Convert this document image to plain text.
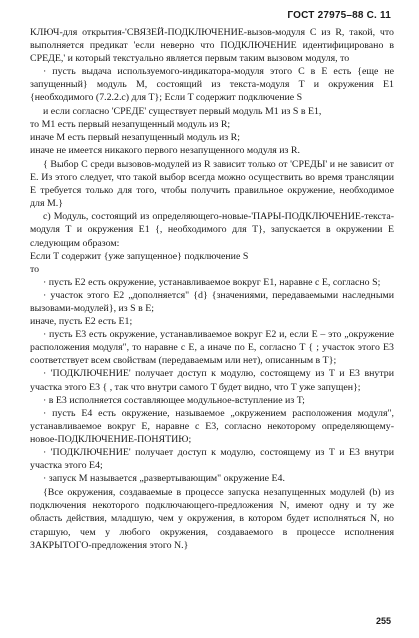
ГОСТ 27975–88 С. 11

КЛЮЧ-для открытия-'СВЯЗЕЙ-ПОДКЛЮЧЕНИЕ-вызов-модуля C из R, такой, что выполняется предикат 'если неверно что ПОДКЛЮЧЕНИЕ идентифицировано в СРЕДЕ,' и который текстуально является первым таким вызовом модуля, то

· пусть выдача используемого-индикатора-модуля этого C в E есть {еще не запущенный} модуль M, состоящий из текста-модуля T и окружения E1 {необходимого (7.2.2.c) для T}; Если T содержит подключение S

и если согласно 'СРЕДЕ' существует первый модуль M1 из S в E1,

то M1 есть первый незапущенный модуль из R;

иначе M есть первый незапущенный модуль из R;

иначе не имеется никакого первого незапущенного модуля из R.

{ Выбор C среди вызовов-модулей из R зависит только от 'СРЕДЫ' и не зависит от E. Из этого следует, что такой выбор всегда можно осуществить во время трансляции E требуется только для того, чтобы получить правильное окружение, необходимое для M.}

c) Модуль, состоящий из определяющего-новые-'ПАРЫ-ПОДКЛЮЧЕНИЕ-текста-модуля T и окружения E1 {, необходимого для T}, запускается в окружении E следующим образом:

Если T содержит {уже запущенное} подключение S

то

· пусть E2 есть окружение, устанавливаемое вокруг E1, наравне с E, согласно S;

· участок этого E2 „дополняется" {d} {значениями, передаваемыми наследными вызовами-модулей}, из S в E;

иначе, пусть E2 есть E1;

· пусть E3 есть окружение, устанавливаемое вокруг E2 и, если E – это „окружение расположения модуля", то наравне с E, а иначе по E, согласно T { ; участок этого E3 соответствует всем свойствам (передаваемым или нет), описанным в T};

· 'ПОДКЛЮЧЕНИЕ' получает доступ к модулю, состоящему из T и E3 внутри участка этого E3 { , так что внутри самого T будет видно, что T уже запущен};

· в E3 исполняется составляющее модульное-вступление из T;

· пусть E4 есть окружение, называемое „окружением расположения модуля", устанавливаемое вокруг E, наравне с E3, согласно некоторому определяющему-новое-ПОДКЛЮЧЕНИЕ-ПОНЯТИЮ;

· 'ПОДКЛЮЧЕНИЕ' получает доступ к модулю, состоящему из T и E3 внутри участка этого E4;

· запуск M называется „развертывающим" окружение E4.

{Все окружения, создаваемые в процессе запуска незапущенных модулей (b) из подключения некоторого подключающего-предложения N, имеют одну и ту же область действия, младшую, чем у окружения, в котором будет исполняться N, но старшую, чем у любого окружения, создаваемого в процессе исполнения ЗАКРЫТОГО-предложения этого N.}

255
